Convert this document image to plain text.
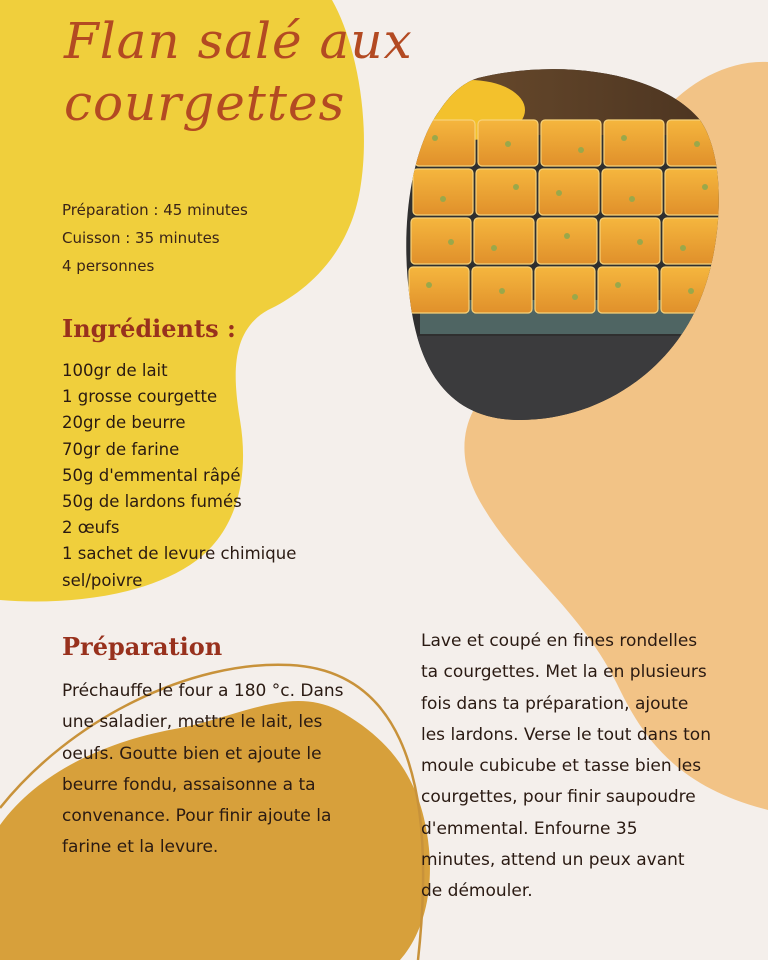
Flan salé aux courgettes
Préparation : 45 minutes
Cuisson : 35 minutes
4 personnes
Ingrédients :
100gr de lait
1 grosse courgette
20gr de beurre
70gr de farine
50g d'emmental râpé
50g de lardons fumés
2 œufs
1 sachet de levure chimique
sel/poivre
Préparation
Préchauffe le four a 180 °c. Dans une saladier, mettre le lait, les oeufs. Goutte bien et ajoute le beurre fondu, assaisonne a ta convenance. Pour finir ajoute la farine et la levure.
Lave et coupé en fines rondelles ta courgettes. Met la en plusieurs fois dans ta préparation, ajoute les lardons. Verse le tout dans ton moule cubicube et tasse bien les courgettes, pour finir saupoudre d'emmental. Enfourne 35 minutes, attend un peux avant de démouler.
